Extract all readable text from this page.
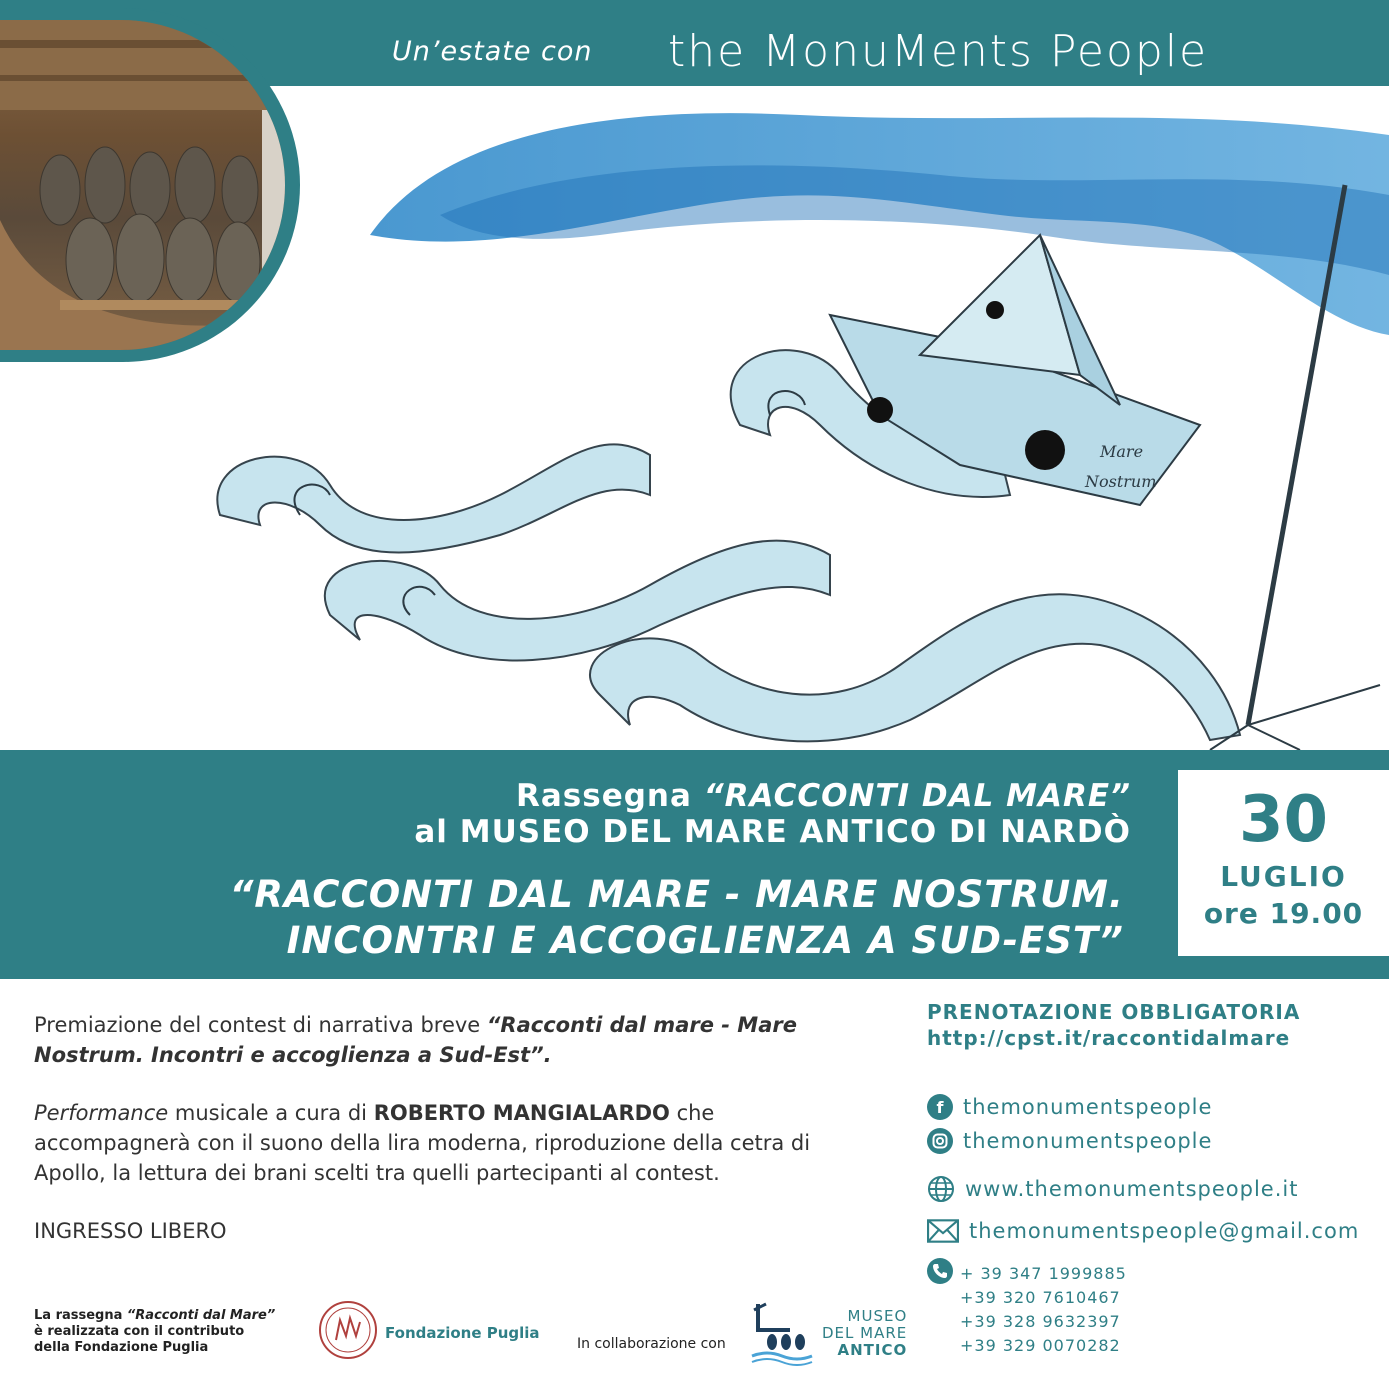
Un’estate con the MonuMents People
Mare
Nostrum
Rassegna “RACCONTI DAL MARE”
al MUSEO DEL MARE ANTICO DI NARDÒ
“RACCONTI DAL MARE - MARE NOSTRUM.
INCONTRI E ACCOGLIENZA A SUD-EST”
30
LUGLIO
ore 19.00

Premiazione del contest di narrativa breve “Racconti dal mare - Mare Nostrum. Incontri e accoglienza a Sud-Est”.

Performance musicale a cura di ROBERTO MANGIALARDO che accompagnerà con il suono della lira moderna, riproduzione della cetra di Apollo, la lettura dei brani scelti tra quelli partecipanti al contest.

INGRESSO LIBERO

PRENOTAZIONE OBBLIGATORIA
http://cpst.it/raccontidalmare
f themonumentspeople
themonumentspeople
www.themonumentspeople.it
themonumentspeople@gmail.com
+ 39 347 1999885
+39 320 7610467
+39 328 9632397
+39 329 0070282
La rassegna “Racconti dal Mare”
è realizzata con il contributo
della Fondazione Puglia
Fondazione Puglia
In collaborazione con
MUSEO
DEL MARE
ANTICO
